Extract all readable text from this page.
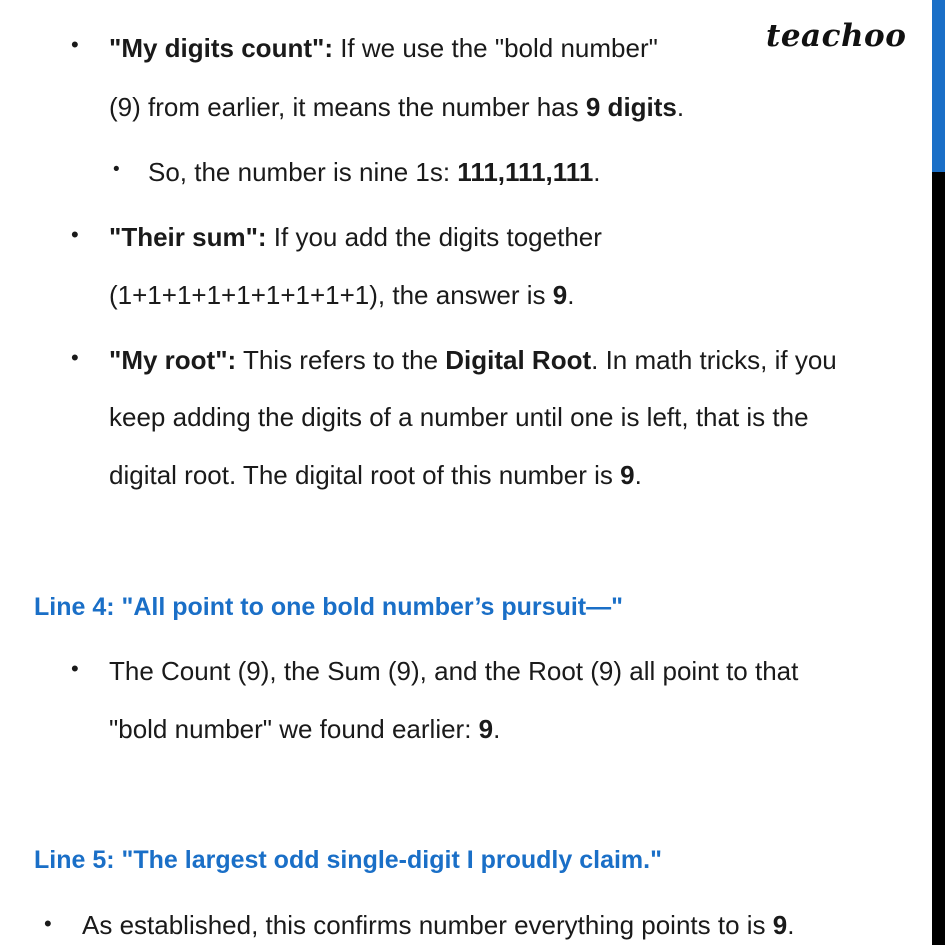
teachoo
• "My digits count": If we use the "bold number"
(9) from earlier, it means the number has 9 digits.
• So, the number is nine 1s: 111,111,111.
• "Their sum": If you add the digits together
(1+1+1+1+1+1+1+1+1), the answer is 9.
• "My root": This refers to the Digital Root. In math tricks, if you
keep adding the digits of a number until one is left, that is the
digital root. The digital root of this number is 9.
Line 4: "All point to one bold number’s pursuit—"
• The Count (9), the Sum (9), and the Root (9) all point to that
"bold number" we found earlier: 9.
Line 5: "The largest odd single-digit I proudly claim."
• As established, this confirms number everything points to is 9.
